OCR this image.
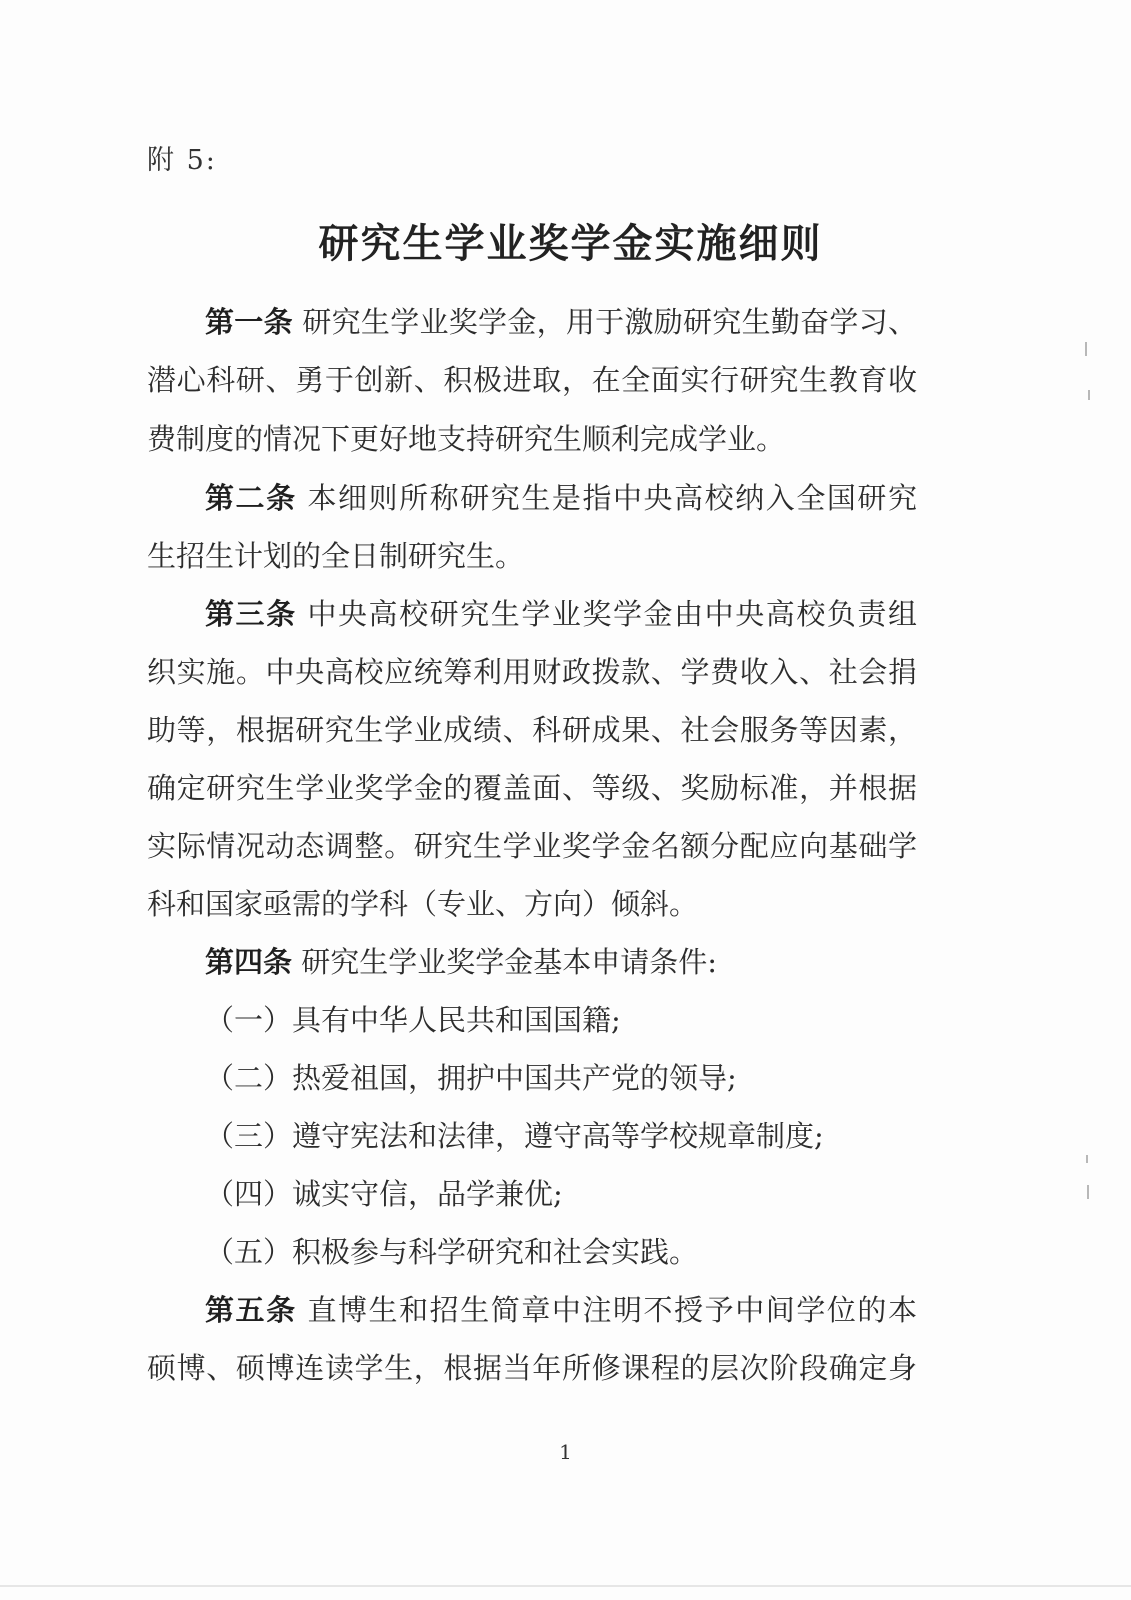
附 5:
研究生学业奖学金实施细则
第一条 研究生学业奖学金，用于激励研究生勤奋学习、
潜心科研、勇于创新、积极进取，在全面实行研究生教育收
费制度的情况下更好地支持研究生顺利完成学业。
第二条 本细则所称研究生是指中央高校纳入全国研究
生招生计划的全日制研究生。
第三条 中央高校研究生学业奖学金由中央高校负责组
织实施。中央高校应统筹利用财政拨款、学费收入、社会捐
助等，根据研究生学业成绩、科研成果、社会服务等因素，
确定研究生学业奖学金的覆盖面、等级、奖励标准，并根据
实际情况动态调整。研究生学业奖学金名额分配应向基础学
科和国家亟需的学科（专业、方向）倾斜。
第四条 研究生学业奖学金基本申请条件:
（一）具有中华人民共和国国籍;
（二）热爱祖国，拥护中国共产党的领导;
（三）遵守宪法和法律，遵守高等学校规章制度;
（四）诚实守信，品学兼优;
（五）积极参与科学研究和社会实践。
第五条 直博生和招生简章中注明不授予中间学位的本
硕博、硕博连读学生，根据当年所修课程的层次阶段确定身
1
